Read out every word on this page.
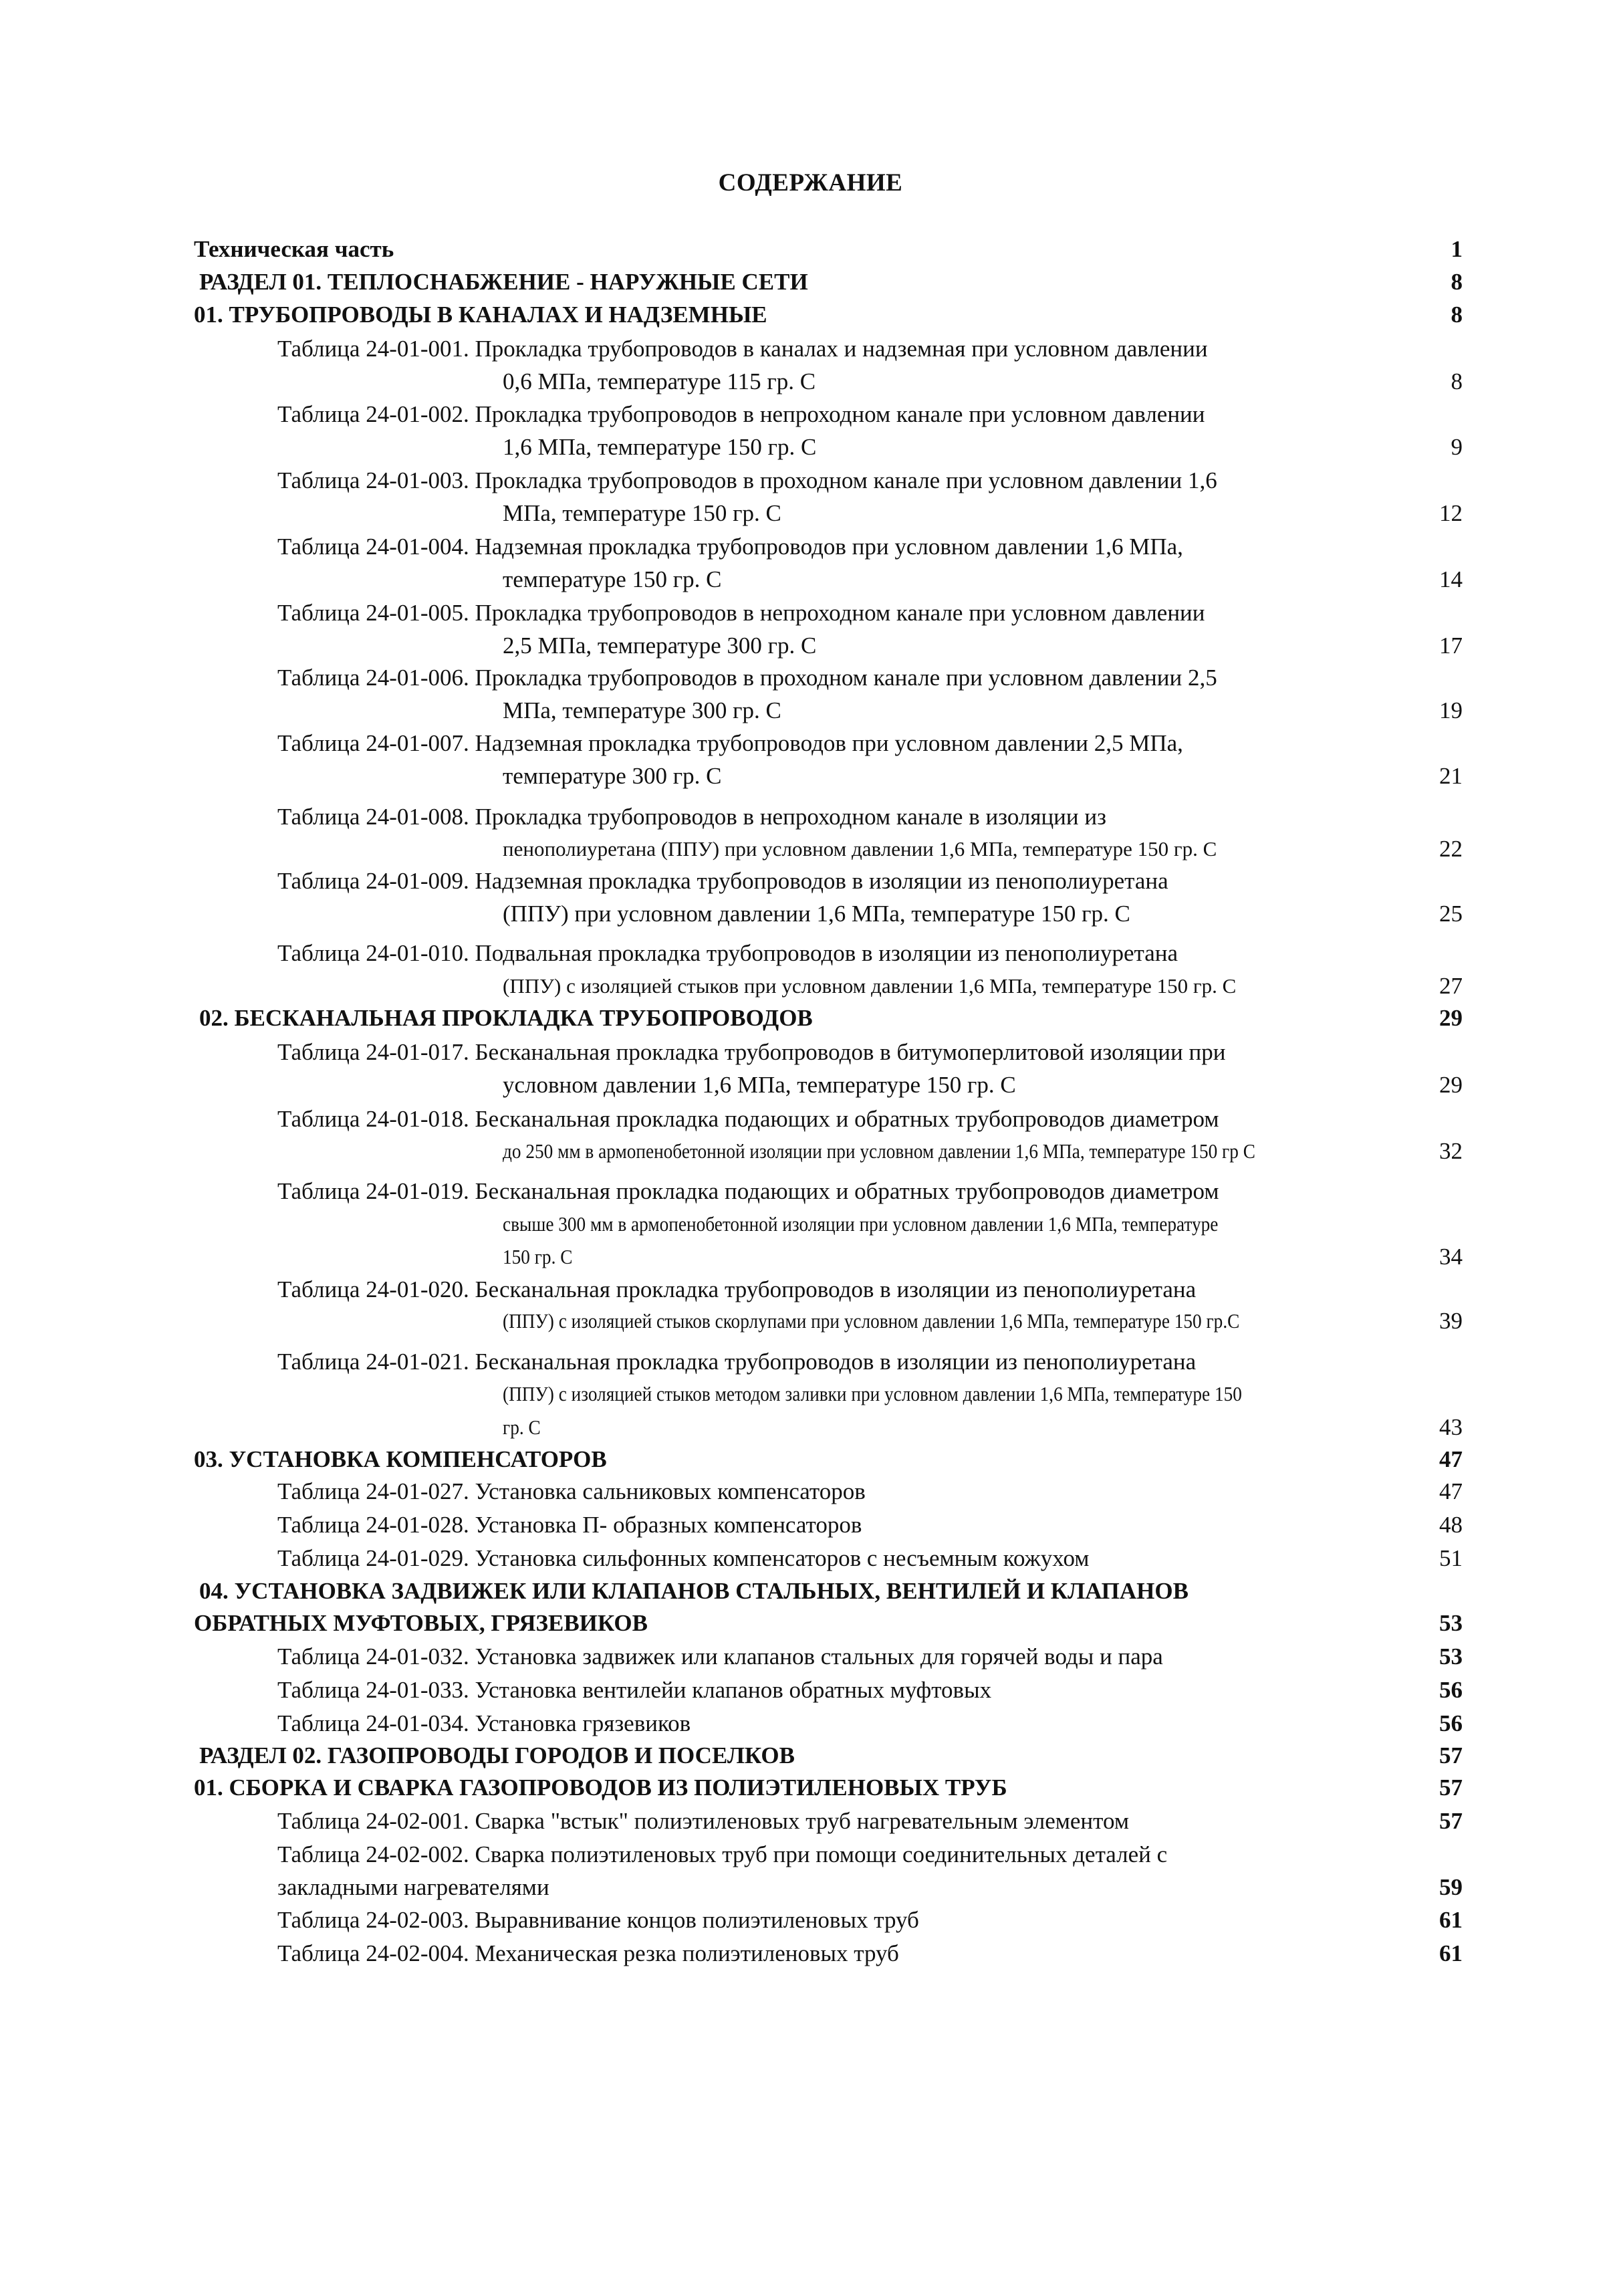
СОДЕРЖАНИЕ
Техническая часть	1
РАЗДЕЛ 01. ТЕПЛОСНАБЖЕНИЕ - НАРУЖНЫЕ СЕТИ	8
01. ТРУБОПРОВОДЫ В КАНАЛАХ И НАДЗЕМНЫЕ	8
Таблица 24-01-001. Прокладка трубопроводов в каналах и надземная при условном давлении
0,6 МПа, температуре 115 гр. С	8
Таблица 24-01-002. Прокладка трубопроводов в непроходном канале при условном давлении
1,6 МПа, температуре 150 гр. С	9
Таблица 24-01-003. Прокладка трубопроводов в проходном канале при условном давлении 1,6
МПа, температуре 150 гр. С	12
Таблица 24-01-004. Надземная прокладка трубопроводов при условном давлении 1,6 МПа,
температуре 150 гр. С	14
Таблица 24-01-005. Прокладка трубопроводов в непроходном канале при условном давлении
2,5 МПа, температуре 300 гр. С	17
Таблица 24-01-006. Прокладка трубопроводов в проходном канале при условном давлении 2,5
МПа, температуре 300 гр. С	19
Таблица 24-01-007. Надземная прокладка трубопроводов при условном давлении 2,5 МПа,
температуре 300 гр. С	21
Таблица 24-01-008. Прокладка трубопроводов в непроходном канале в изоляции из
пенополиуретана (ППУ) при условном давлении 1,6 МПа, температуре 150 гр. С	22
Таблица 24-01-009. Надземная прокладка трубопроводов в изоляции из пенополиуретана
(ППУ) при условном давлении 1,6 МПа, температуре 150 гр. С	25
Таблица 24-01-010. Подвальная прокладка трубопроводов в изоляции из пенополиуретана
(ППУ) с изоляцией стыков при условном давлении 1,6 МПа, температуре 150 гр. С	27
02. БЕСКАНАЛЬНАЯ ПРОКЛАДКА ТРУБОПРОВОДОВ	29
Таблица 24-01-017. Бесканальная прокладка трубопроводов в битумоперлитовой изоляции при
условном давлении 1,6 МПа, температуре 150 гр. С	29
Таблица 24-01-018. Бесканальная прокладка подающих и обратных трубопроводов диаметром
до 250 мм в армопенобетонной изоляции при условном давлении 1,6 МПа, температуре 150 гр С	32
Таблица 24-01-019. Бесканальная прокладка подающих и обратных трубопроводов диаметром
свыше 300 мм в армопенобетонной изоляции при условном давлении 1,6 МПа, температуре
150 гр. С	34
Таблица 24-01-020. Бесканальная прокладка трубопроводов в изоляции из пенополиуретана
(ППУ) с изоляцией стыков скорлупами при условном давлении 1,6 МПа, температуре 150 гр.С	39
Таблица 24-01-021. Бесканальная прокладка трубопроводов в изоляции из пенополиуретана
(ППУ) с изоляцией стыков методом заливки при условном давлении 1,6 МПа, температуре 150
гр. С	43
03. УСТАНОВКА КОМПЕНСАТОРОВ	47
Таблица 24-01-027. Установка сальниковых компенсаторов	47
Таблица 24-01-028. Установка П- образных компенсаторов	48
Таблица 24-01-029. Установка сильфонных компенсаторов с несъемным кожухом	51
04. УСТАНОВКА ЗАДВИЖЕК ИЛИ КЛАПАНОВ СТАЛЬНЫХ, ВЕНТИЛЕЙ И КЛАПАНОВ
ОБРАТНЫХ МУФТОВЫХ, ГРЯЗЕВИКОВ	53
Таблица 24-01-032. Установка задвижек или клапанов стальных для горячей воды и пара	53
Таблица 24-01-033. Установка вентилейи клапанов обратных муфтовых	56
Таблица 24-01-034. Установка грязевиков	56
РАЗДЕЛ 02. ГАЗОПРОВОДЫ ГОРОДОВ И ПОСЕЛКОВ	57
01. СБОРКА И СВАРКА ГАЗОПРОВОДОВ ИЗ ПОЛИЭТИЛЕНОВЫХ ТРУБ	57
Таблица 24-02-001. Сварка "встык" полиэтиленовых труб нагревательным элементом	57
Таблица 24-02-002. Сварка полиэтиленовых труб при помощи соединительных деталей с
закладными нагревателями	59
Таблица 24-02-003. Выравнивание концов полиэтиленовых труб	61
Таблица 24-02-004. Механическая резка полиэтиленовых труб	61
